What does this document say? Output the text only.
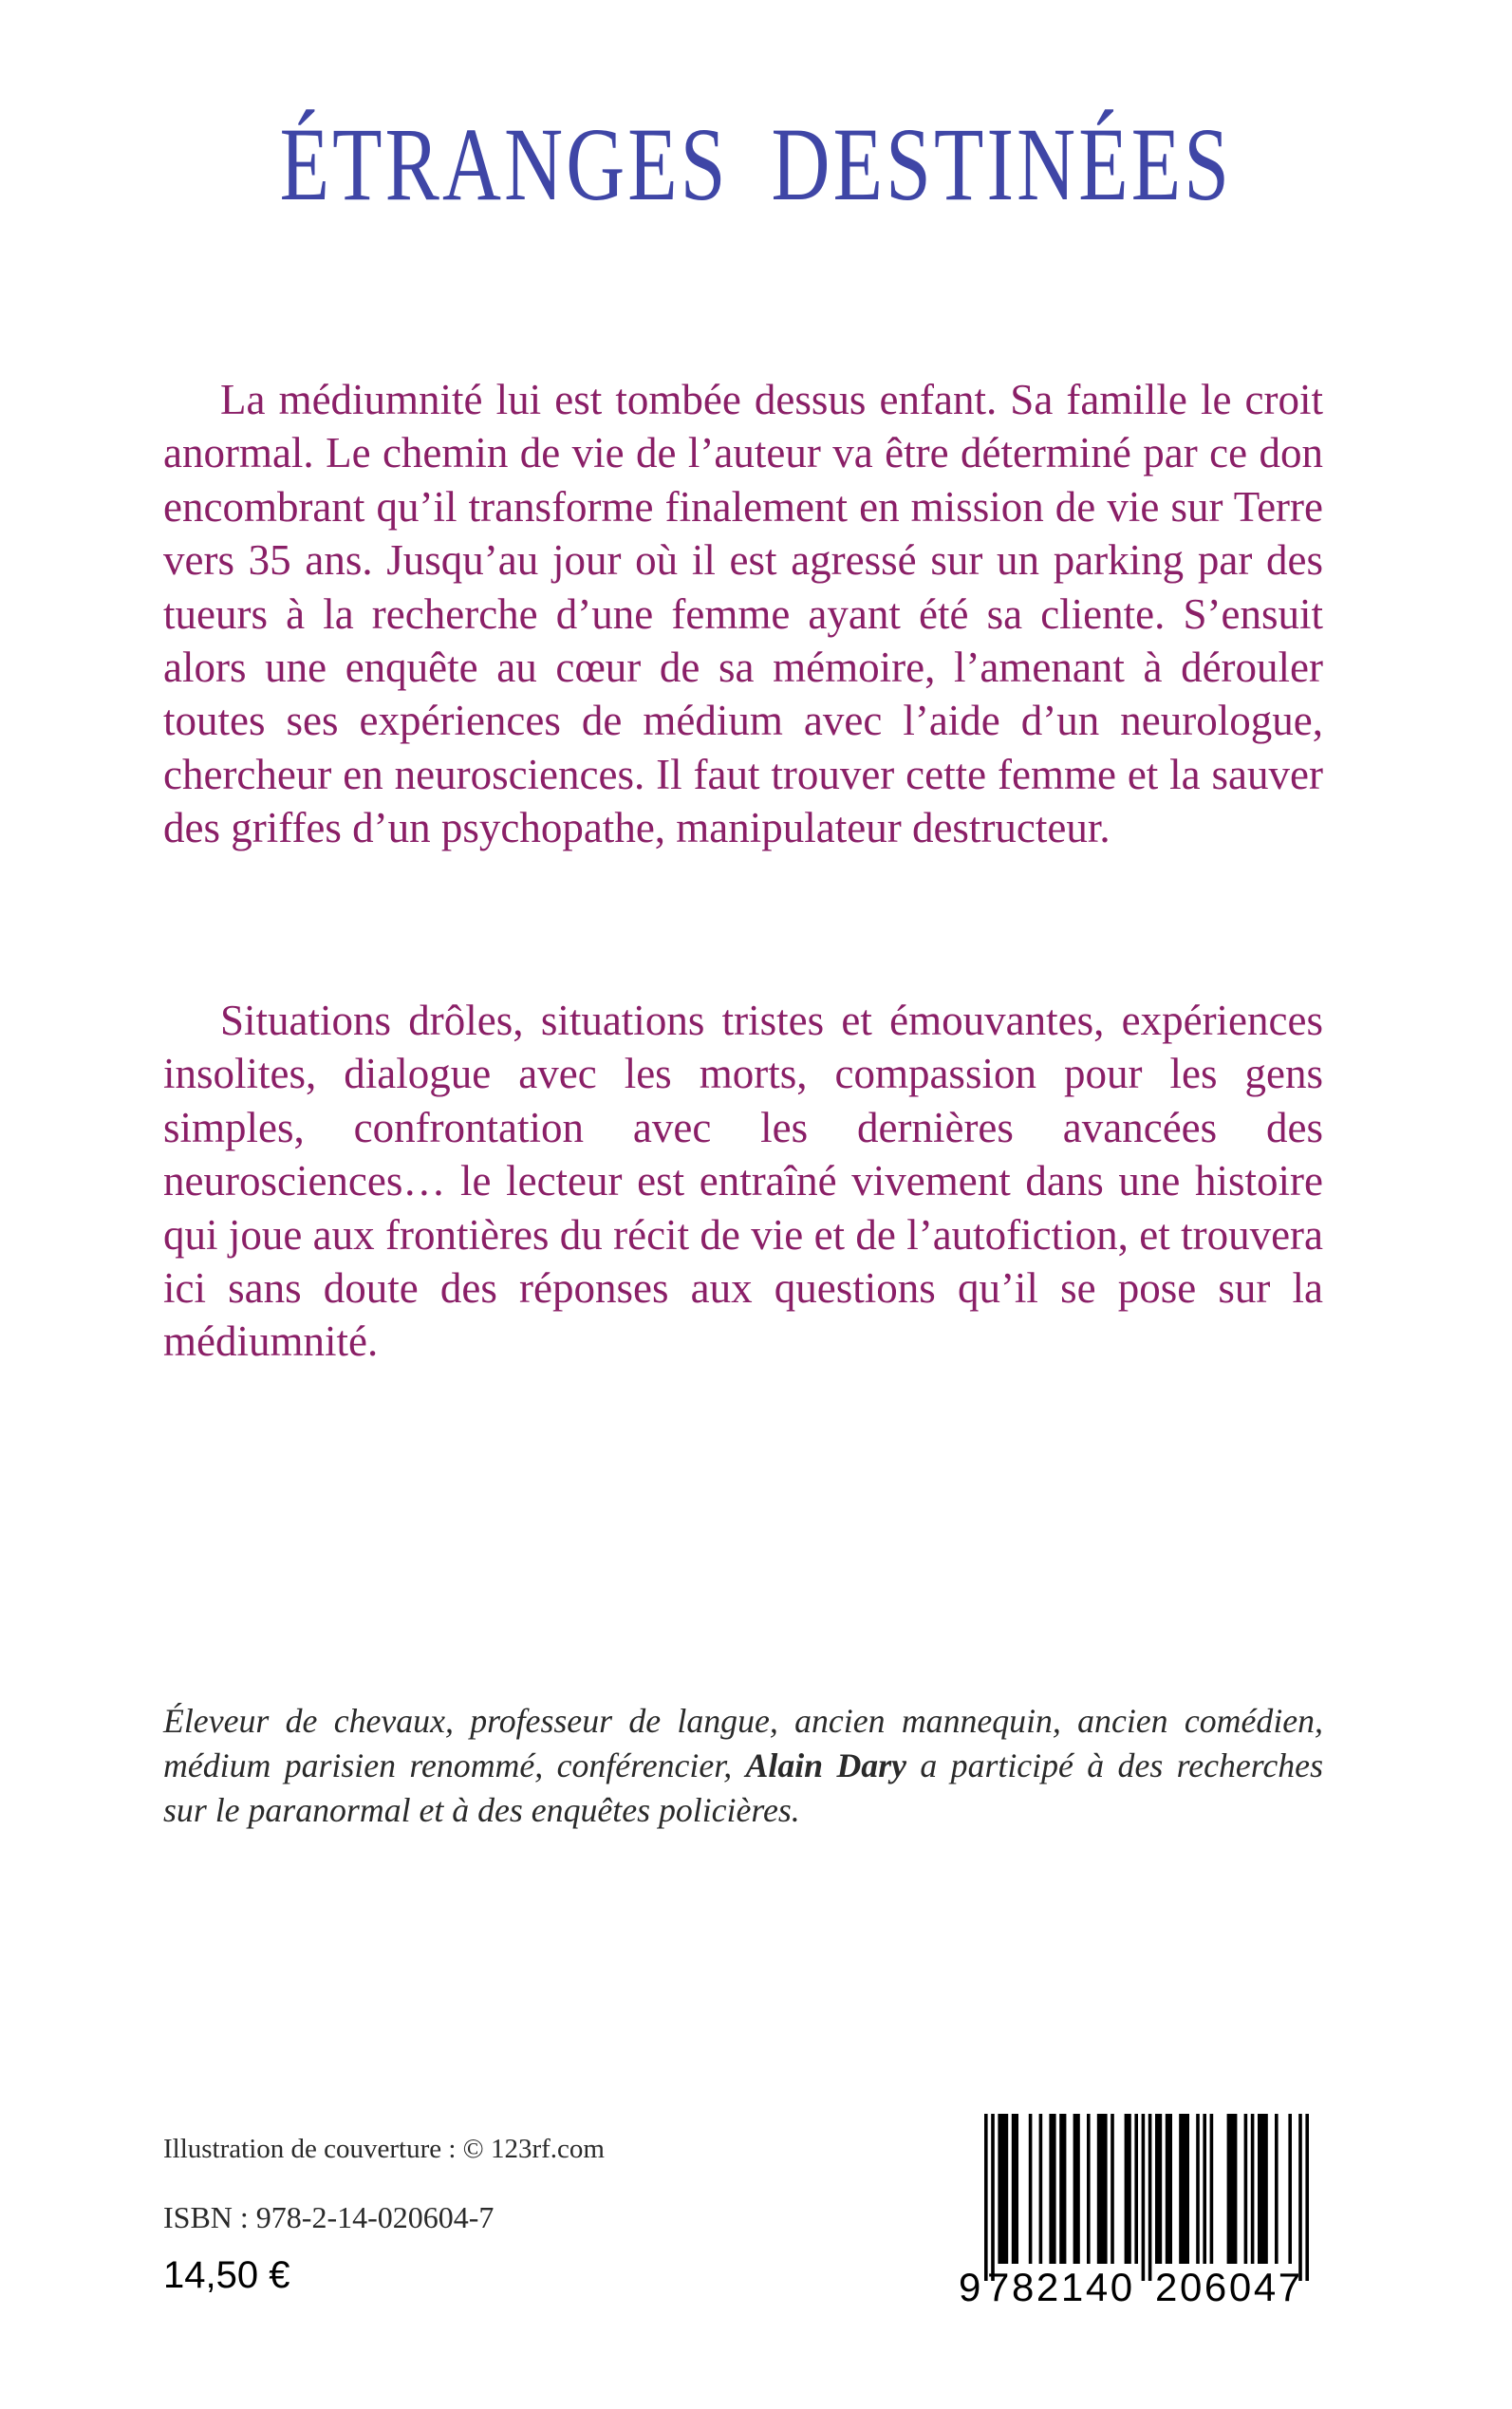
ÉTRANGES DESTINÉES

La médiumnité lui est tombée dessus enfant. Sa famille le croit anormal. Le chemin de vie de l’auteur va être déterminé par ce don encombrant qu’il transforme finalement en mission de vie sur Terre vers 35 ans. Jusqu’au jour où il est agressé sur un parking par des tueurs à la recherche d’une femme ayant été sa cliente. S’ensuit alors une enquête au cœur de sa mémoire, l’amenant à dérouler toutes ses expériences de médium avec l’aide d’un neurologue, chercheur en neurosciences. Il faut trouver cette femme et la sauver des griffes d’un psychopathe, manipulateur destructeur.

Situations drôles, situations tristes et émouvantes, expériences insolites, dialogue avec les morts, compassion pour les gens simples, confrontation avec les dernières avancées des neurosciences… le lecteur est entraîné vivement dans une histoire qui joue aux frontières du récit de vie et de l’autofiction, et trouvera ici sans doute des réponses aux questions qu’il se pose sur la médiumnité.

Éleveur de chevaux, professeur de langue, ancien mannequin, ancien comédien, médium parisien renommé, conférencier, Alain Dary a participé à des recherches sur le paranormal et à des enquêtes policières.

Illustration de couverture : © 123rf.com
ISBN : 978-2-14-020604-7
14,50 €	9 782140 206047
